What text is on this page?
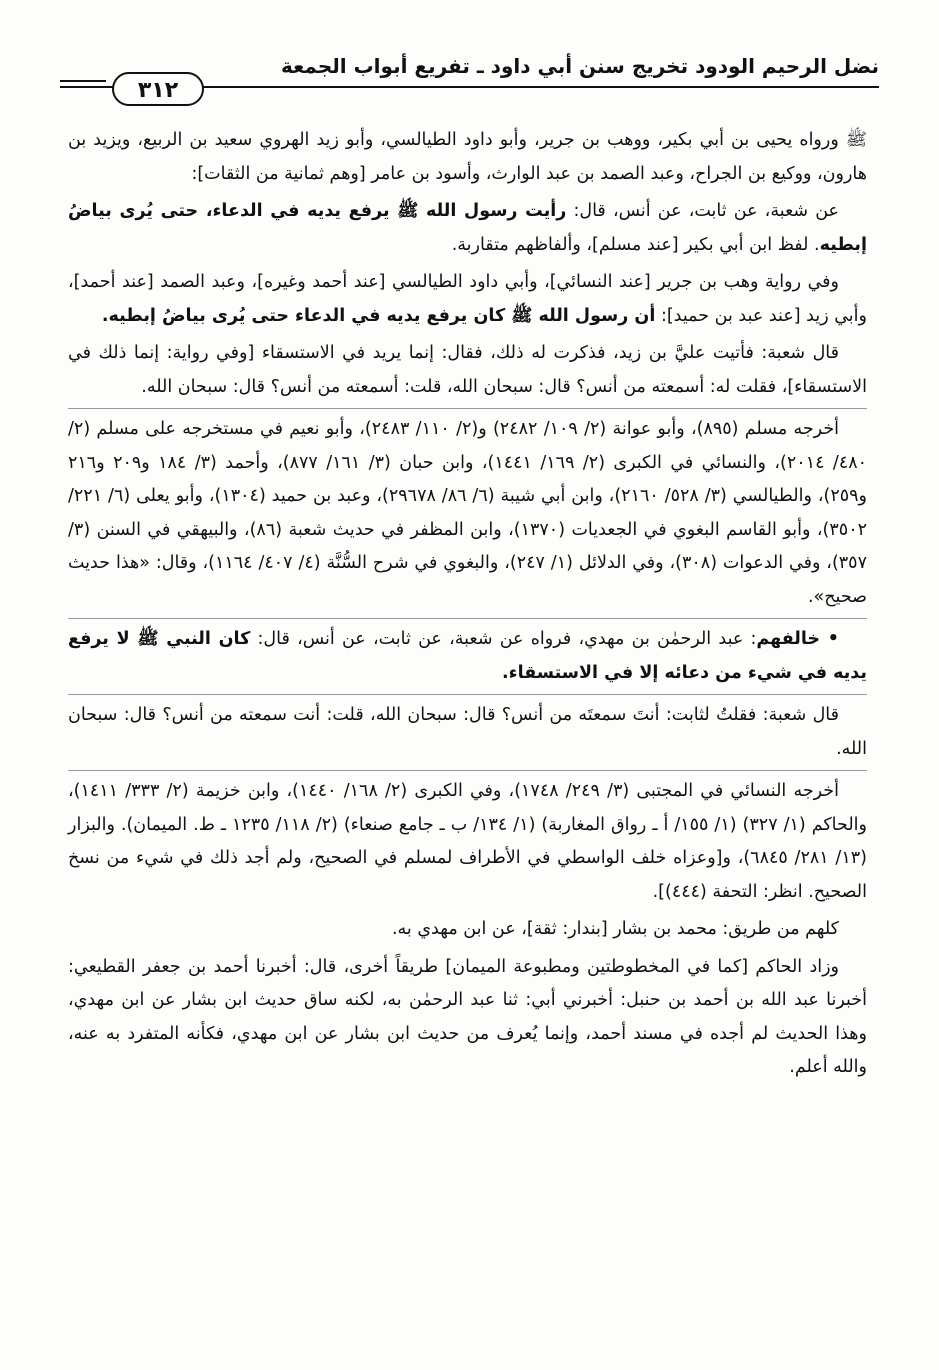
نضل الرحيم الودود تخريج سنن أبي داود ـ تفريع أبواب الجمعة
٣١٢

ﷺ ورواه يحيى بن أبي بكير، ووهب بن جرير، وأبو داود الطيالسي، وأبو زيد الهروي سعيد بن الربيع، ويزيد بن هارون، ووكيع بن الجراح، وعبد الصمد بن عبد الوارث، وأسود بن عامر [وهم ثمانية من الثقات]:

عن شعبة، عن ثابت، عن أنس، قال: رأيت رسول الله ﷺ يرفع يديه في الدعاء، حتى يُرى بياضُ إبطيه. لفظ ابن أبي بكير [عند مسلم]، وألفاظهم متقاربة.

وفي رواية وهب بن جرير [عند النسائي]، وأبي داود الطيالسي [عند أحمد وغيره]، وعبد الصمد [عند أحمد]، وأبي زيد [عند عبد بن حميد]: أن رسول الله ﷺ كان يرفع يديه في الدعاء حتى يُرى بياضُ إبطيه.

قال شعبة: فأتيت عليَّ بن زيد، فذكرت له ذلك، فقال: إنما يريد في الاستسقاء [وفي رواية: إنما ذلك في الاستسقاء]، فقلت له: أسمعته من أنس؟ قال: سبحان الله، قلت: أسمعته من أنس؟ قال: سبحان الله.

أخرجه مسلم (٨٩٥)، وأبو عوانة (٢/ ١٠٩/ ٢٤٨٢) و(٢/ ١١٠/ ٢٤٨٣)، وأبو نعيم في مستخرجه على مسلم (٢/ ٤٨٠/ ٢٠١٤)، والنسائي في الكبرى (٢/ ١٦٩/ ١٤٤١)، وابن حبان (٣/ ١٦١/ ٨٧٧)، وأحمد (٣/ ١٨٤ و٢٠٩ و٢١٦ و٢٥٩)، والطيالسي (٣/ ٥٢٨/ ٢١٦٠)، وابن أبي شيبة (٦/ ٨٦/ ٢٩٦٧٨)، وعبد بن حميد (١٣٠٤)، وأبو يعلى (٦/ ٢٢١/ ٣٥٠٢)، وأبو القاسم البغوي في الجعديات (١٣٧٠)، وابن المظفر في حديث شعبة (٨٦)، والبيهقي في السنن (٣/ ٣٥٧)، وفي الدعوات (٣٠٨)، وفي الدلائل (١/ ٢٤٧)، والبغوي في شرح السُّنَّة (٤/ ٤٠٧/ ١١٦٤)، وقال: «هذا حديث صحيح».

• خالفهم: عبد الرحمٰن بن مهدي، فرواه عن شعبة، عن ثابت، عن أنس، قال: كان النبي ﷺ لا يرفع يديه في شيء من دعائه إلا في الاستسقاء.

قال شعبة: فقلتُ لثابت: أنتَ سمعتَه من أنس؟ قال: سبحان الله، قلت: أنت سمعته من أنس؟ قال: سبحان الله.

أخرجه النسائي في المجتبى (٣/ ٢٤٩/ ١٧٤٨)، وفي الكبرى (٢/ ١٦٨/ ١٤٤٠)، وابن خزيمة (٢/ ٣٣٣/ ١٤١١)، والحاكم (١/ ٣٢٧) (١/ ١٥٥/ أ ـ رواق المغاربة) (١/ ١٣٤/ ب ـ جامع صنعاء) (٢/ ١١٨/ ١٢٣٥ ـ ط. الميمان). والبزار (١٣/ ٢٨١/ ٦٨٤٥)، و[وعزاه خلف الواسطي في الأطراف لمسلم في الصحيح، ولم أجد ذلك في شيء من نسخ الصحيح. انظر: التحفة (٤٤٤)].

كلهم من طريق: محمد بن بشار [بندار: ثقة]، عن ابن مهدي به.

وزاد الحاكم [كما في المخطوطتين ومطبوعة الميمان] طريقاً أخرى، قال: أخبرنا أحمد بن جعفر القطيعي: أخبرنا عبد الله بن أحمد بن حنبل: أخبرني أبي: ثنا عبد الرحمٰن به، لكنه ساق حديث ابن بشار عن ابن مهدي، وهذا الحديث لم أجده في مسند أحمد، وإنما يُعرف من حديث ابن بشار عن ابن مهدي، فكأنه المتفرد به عنه، والله أعلم.
